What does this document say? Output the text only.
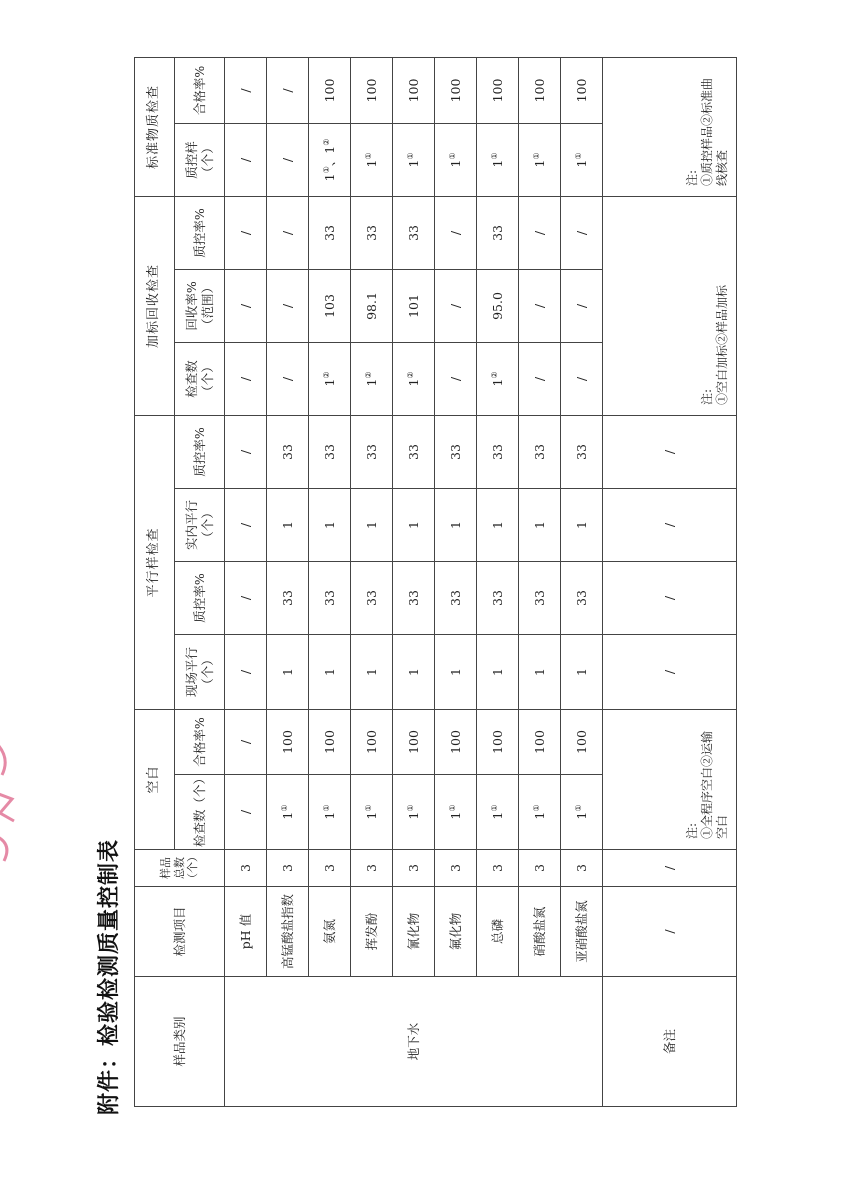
附件：检验检测质量控制表	样品类别	检测项目	样品总数（个）	空白		平行样检查				加标回收检查			标准物质检查	
			检查数（个）	合格率%	现场平行（个）	质控率%	实内平行（个）	质控率%	检查数（个）	回收率%（范围）	质控率%	质控样（个）	合格率%
地下水	pH 值	3	/	/	/	/	/	/	/	/	/	/	/
	高锰酸盐指数	3	1①	100	1	33	1	33	/	/	/	/	/
	氨氮	3	1①	100	1	33	1	33	1②	103	33	1①、1②	100
	挥发酚	3	1①	100	1	33	1	33	1②	98.1	33	1①	100
	氰化物	3	1①	100	1	33	1	33	1②	101	33	1①	100
	氟化物	3	1①	100	1	33	1	33	/	/	/	1①	100
	总磷	3	1①	100	1	33	1	33	1②	95.0	33	1①	100
	硝酸盐氮	3	1①	100	1	33	1	33	/	/	/	1①	100
	亚硝酸盐氮	3	1①	100	1	33	1	33	/	/	/	1①	100
备注	/	/	注: ①全程序空白②运输空白		/	/	/	/	注: ①空白加标②样品加标			注: ①质控样品②标准曲线核查	
